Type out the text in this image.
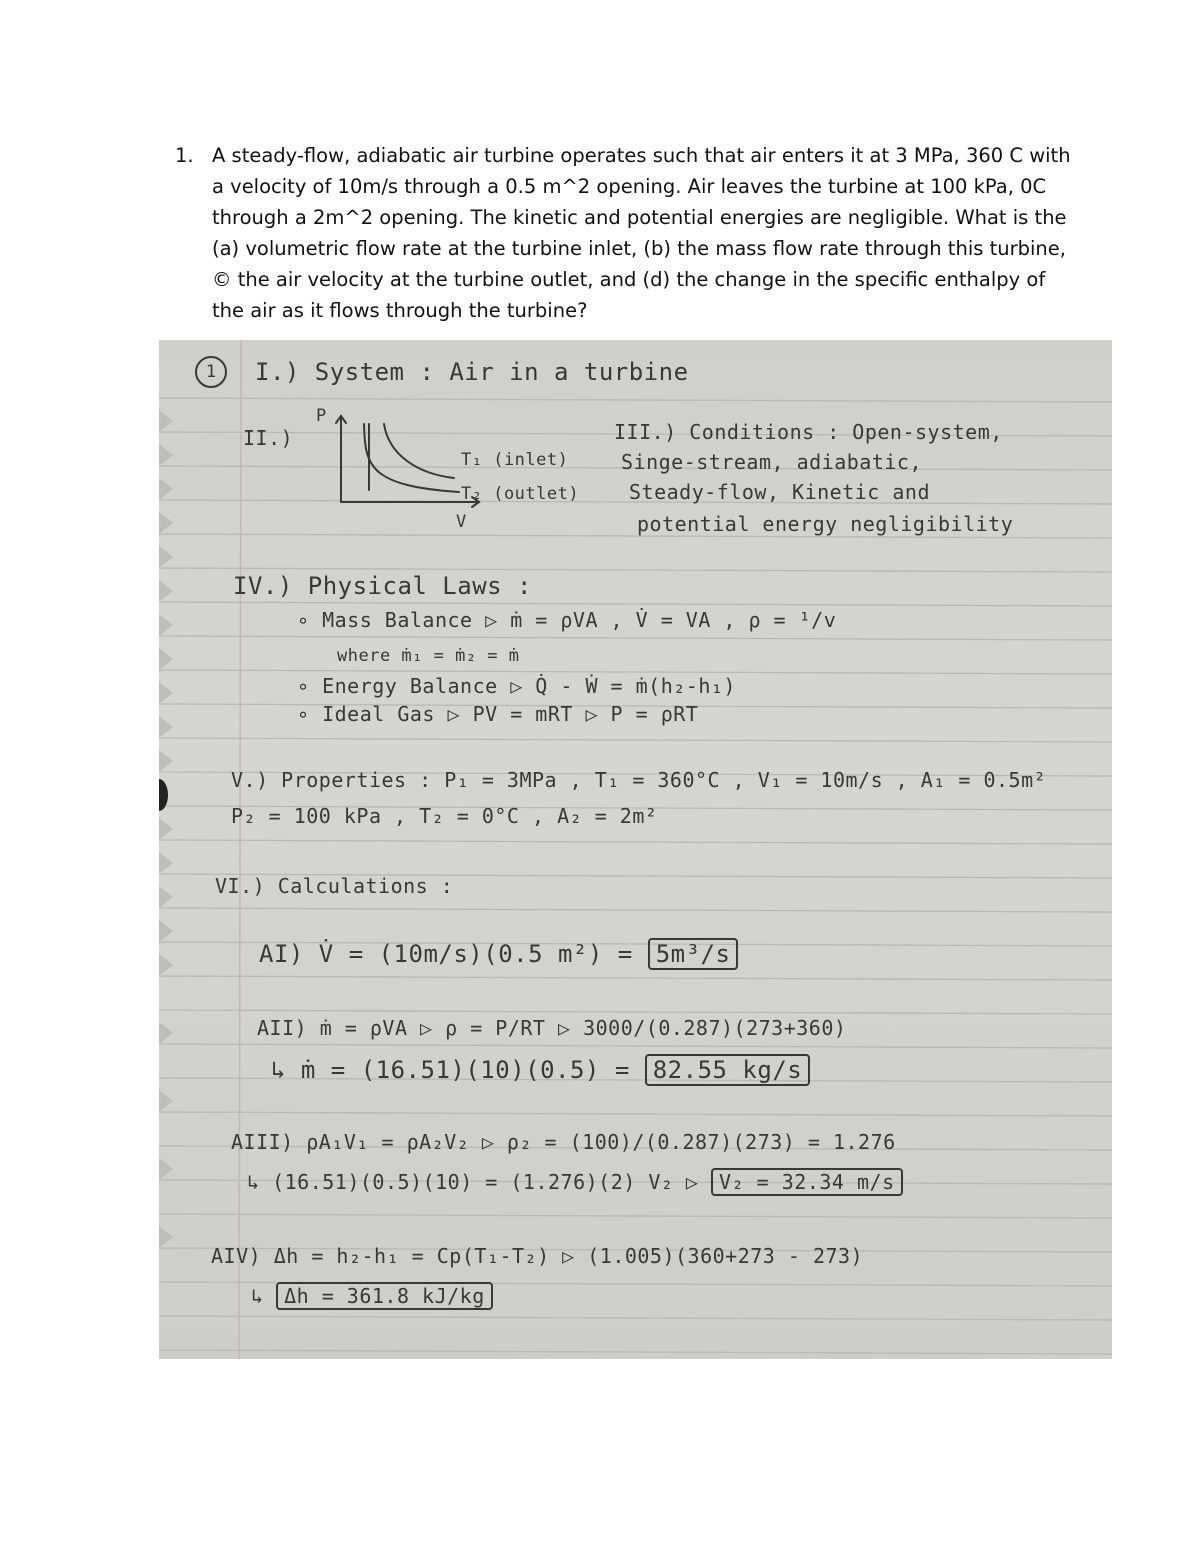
1. A steady-flow, adiabatic air turbine operates such that air enters it at 3 MPa, 360 C with a velocity of 10m/s through a 0.5 m^2 opening. Air leaves the turbine at 100 kPa, 0C through a 2m^2 opening. The kinetic and potential energies are negligible. What is the (a) volumetric flow rate at the turbine inlet, (b) the mass flow rate through this turbine, © the air velocity at the turbine outlet, and (d) the change in the specific enthalpy of the air as it flows through the turbine?
1	I.) System : Air in a turbine
II.)
P
V
T₁ (inlet)
T₂ (outlet)
III.) Conditions : Open-system,
Singe-stream, adiabatic,
Steady-flow, Kinetic and
potential energy negligibility
IV.) Physical Laws :
∘ Mass Balance ▷ ṁ = ρVA , V̇ = VA , ρ = ¹/v
where ṁ₁ = ṁ₂ = ṁ
∘ Energy Balance ▷ Q̇ - Ẇ = ṁ(h₂-h₁)
∘ Ideal Gas ▷ PV = mRT ▷ P = ρRT
V.) Properties : P₁ = 3MPa , T₁ = 360°C , V₁ = 10m/s , A₁ = 0.5m²
P₂ = 100 kPa , T₂ = 0°C , A₂ = 2m²
VI.) Calculations :
AI) V̇ = (10m/s)(0.5 m²) = 5m³/s
AII) ṁ = ρVA ▷ ρ = P/RT ▷ 3000/(0.287)(273+360)
↳ ṁ = (16.51)(10)(0.5) = 82.55 kg/s
AIII) ρA₁V₁ = ρA₂V₂ ▷ ρ₂ = (100)/(0.287)(273) = 1.276
↳ (16.51)(0.5)(10) = (1.276)(2) V₂ ▷ V₂ = 32.34 m/s
AIV) Δh = h₂-h₁ = Cp(T₁-T₂) ▷ (1.005)(360+273 - 273)
↳ Δh = 361.8 kJ/kg
